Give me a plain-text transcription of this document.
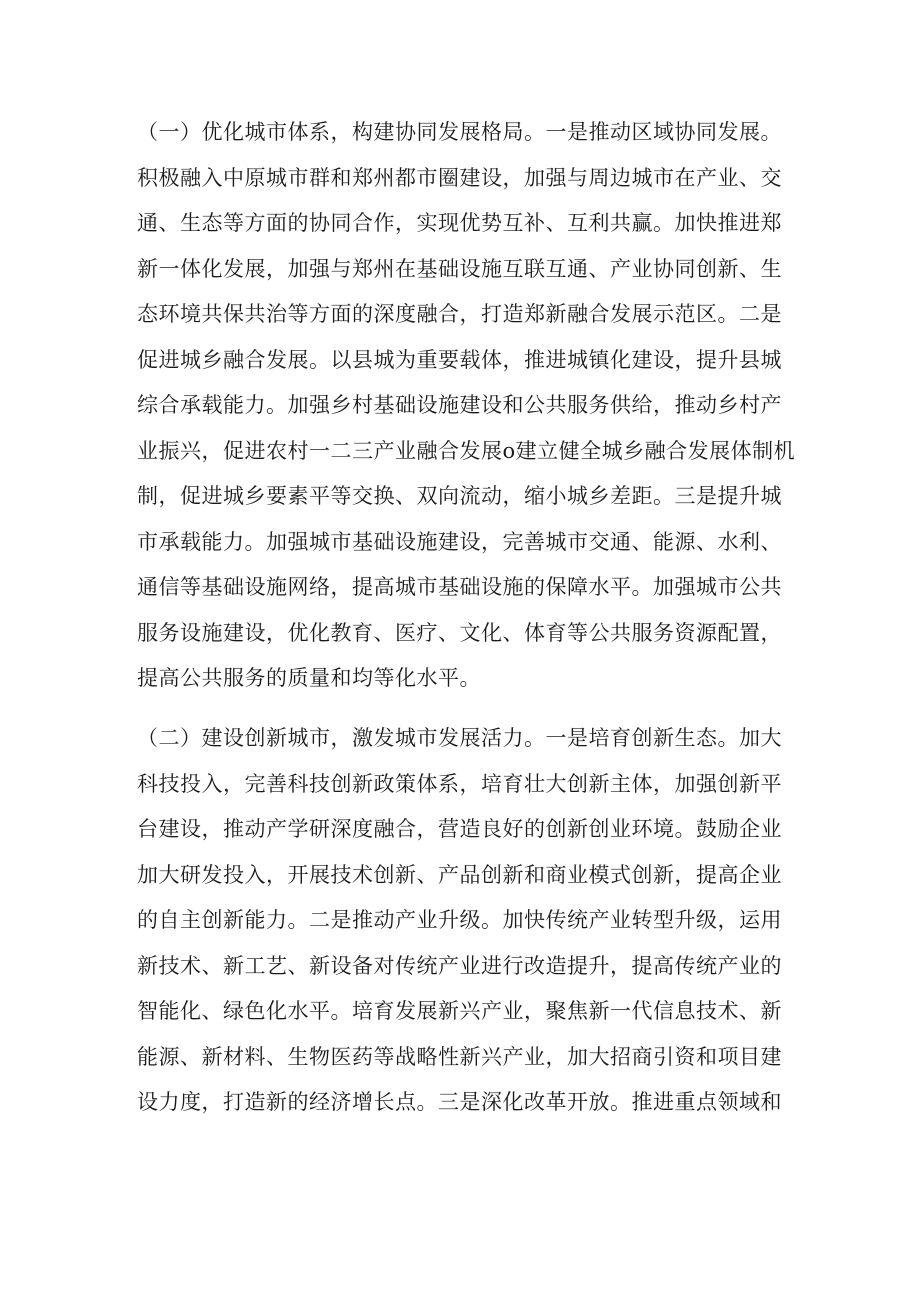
（一）优化城市体系，构建协同发展格局。一是推动区域协同发展。
积极融入中原城市群和郑州都市圈建设，加强与周边城市在产业、交
通、生态等方面的协同合作，实现优势互补、互利共赢。加快推进郑
新一体化发展，加强与郑州在基础设施互联互通、产业协同创新、生
态环境共保共治等方面的深度融合，打造郑新融合发展示范区。二是
促进城乡融合发展。以县城为重要载体，推进城镇化建设，提升县城
综合承载能力。加强乡村基础设施建设和公共服务供给，推动乡村产
业振兴，促进农村一二三产业融合发展o建立健全城乡融合发展体制机
制，促进城乡要素平等交换、双向流动，缩小城乡差距。三是提升城
市承载能力。加强城市基础设施建设，完善城市交通、能源、水利、
通信等基础设施网络，提高城市基础设施的保障水平。加强城市公共
服务设施建设，优化教育、医疗、文化、体育等公共服务资源配置，
提高公共服务的质量和均等化水平。
（二）建设创新城市，激发城市发展活力。一是培育创新生态。加大
科技投入，完善科技创新政策体系，培育壮大创新主体，加强创新平
台建设，推动产学研深度融合，营造良好的创新创业环境。鼓励企业
加大研发投入，开展技术创新、产品创新和商业模式创新，提高企业
的自主创新能力。二是推动产业升级。加快传统产业转型升级，运用
新技术、新工艺、新设备对传统产业进行改造提升，提高传统产业的
智能化、绿色化水平。培育发展新兴产业，聚焦新一代信息技术、新
能源、新材料、生物医药等战略性新兴产业，加大招商引资和项目建
设力度，打造新的经济增长点。三是深化改革开放。推进重点领域和
